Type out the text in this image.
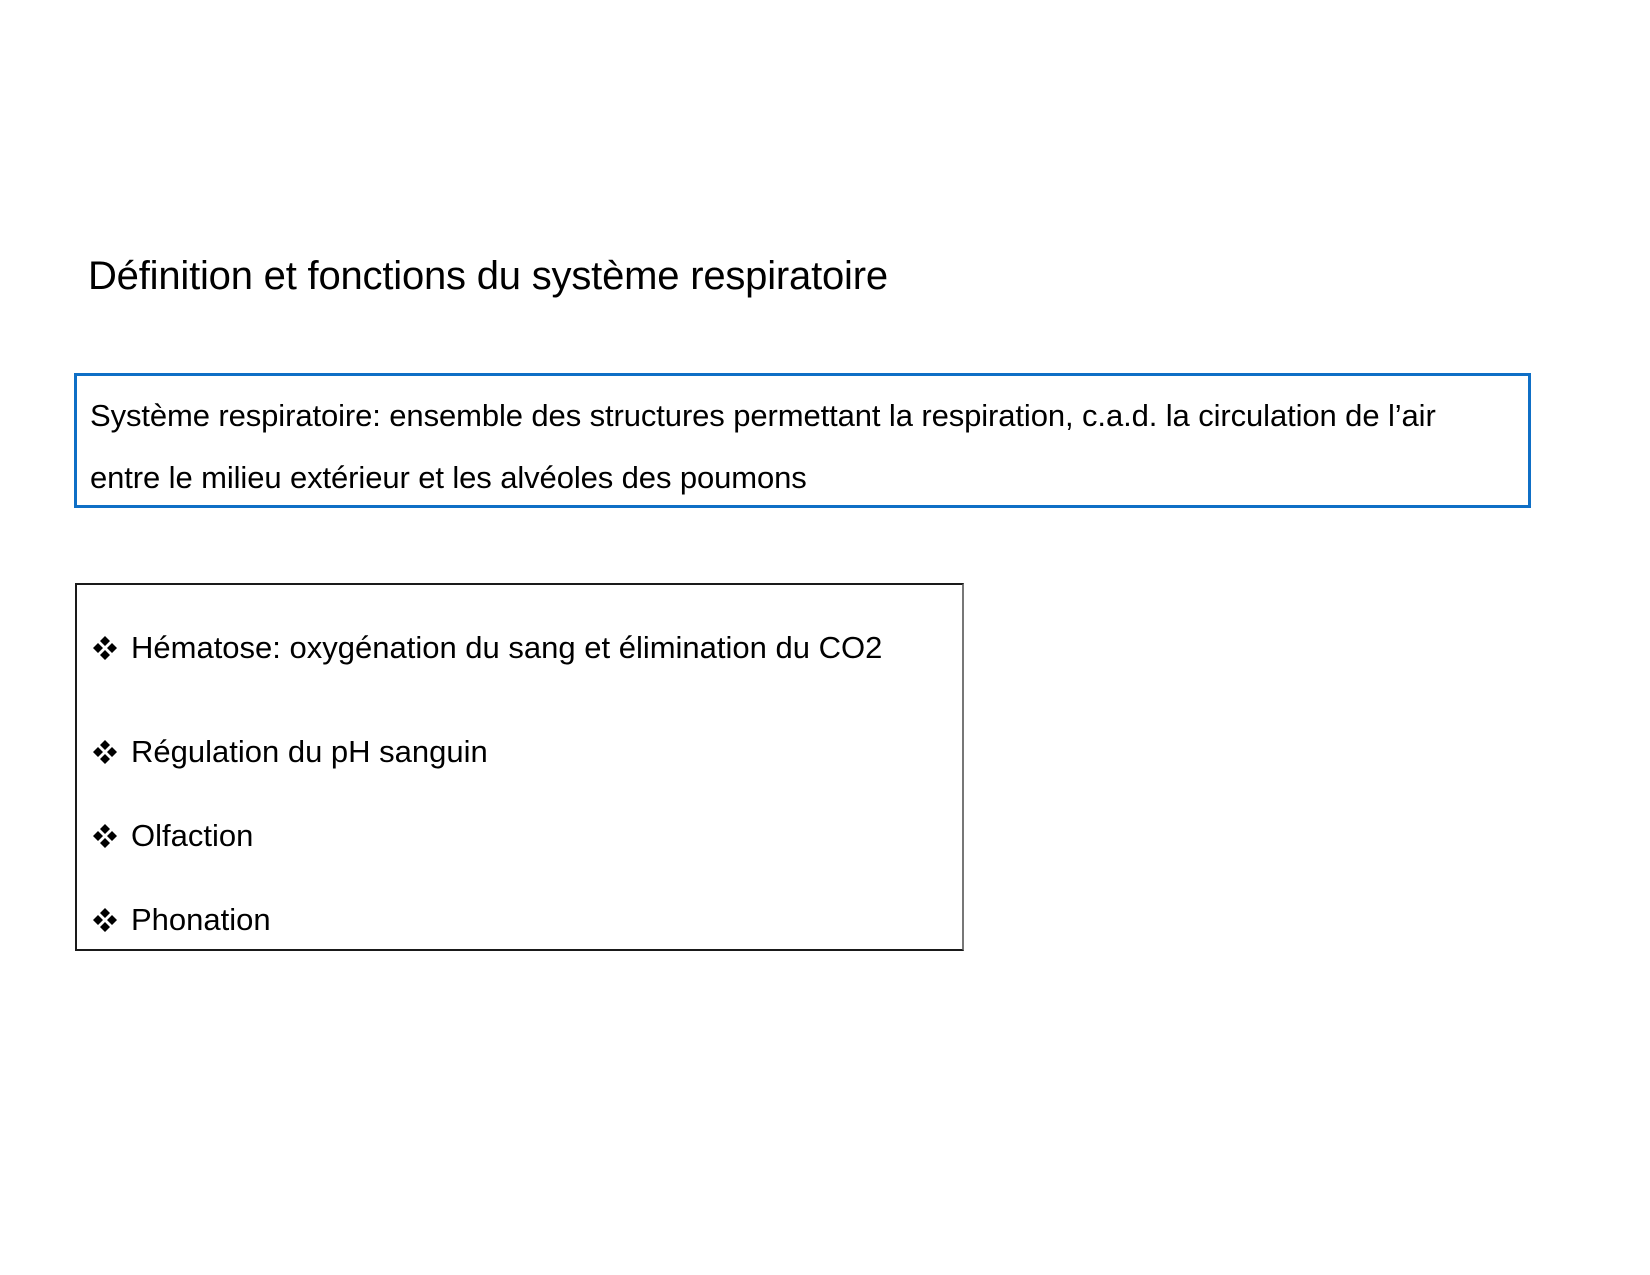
Définition et fonctions du système respiratoire
Système respiratoire: ensemble des structures permettant la respiration, c.a.d. la circulation de l’air
entre le milieu extérieur et les alvéoles des poumons
Hématose: oxygénation du sang et élimination du CO2
Régulation du pH sanguin
Olfaction
Phonation
